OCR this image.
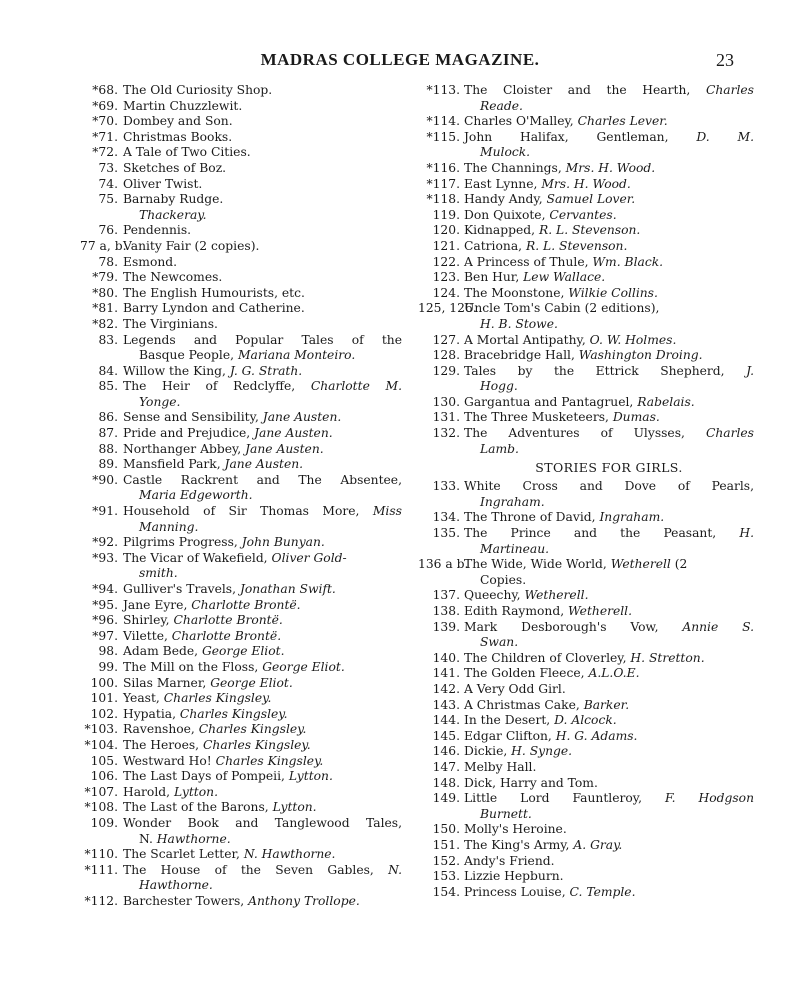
MADRAS COLLEGE MAGAZINE.	23
*68. The Old Curiosity Shop.
*69. Martin Chuzzlewit.
*70. Dombey and Son.
*71. Christmas Books.
*72. A Tale of Two Cities.
73. Sketches of Boz.
74. Oliver Twist.
75. Barnaby Rudge.
Thackeray.
76. Pendennis.
77 a, b.
Vanity Fair (2 copies).
78. Esmond.
*79. The Newcomes.
*80. The English Humourists, etc.
*81. Barry Lyndon and Catherine.
*82. The Virginians.
83. Legends and Popular Tales of the
Basque People, Mariana Monteiro.
84. Willow the King, J. G. Strath.
85. The Heir of Redclyffe, Charlotte M.
Yonge.
86. Sense and Sensibility, Jane Austen.
87. Pride and Prejudice, Jane Austen.
88. Northanger Abbey, Jane Austen.
89. Mansfield Park, Jane Austen.
*90. Castle Rackrent and The Absentee,
Maria Edgeworth.
*91. Household of Sir Thomas More, Miss
Manning.
*92. Pilgrims Progress, John Bunyan.
*93. The Vicar of Wakefield, Oliver Gold-
smith.
*94. Gulliver's Travels, Jonathan Swift.
*95. Jane Eyre, Charlotte Brontë.
*96. Shirley, Charlotte Brontë.
*97. Vilette, Charlotte Brontë.
98. Adam Bede, George Eliot.
99. The Mill on the Floss, George Eliot.
100. Silas Marner, George Eliot.
101. Yeast, Charles Kingsley.
102. Hypatia, Charles Kingsley.
*103. Ravenshoe, Charles Kingsley.
*104. The Heroes, Charles Kingsley.
105. Westward Ho! Charles Kingsley.
106. The Last Days of Pompeii, Lytton.
*107. Harold, Lytton.
*108. The Last of the Barons, Lytton.
109. Wonder Book and Tanglewood Tales,
N. Hawthorne.
*110. The Scarlet Letter, N. Hawthorne.
*111. The House of the Seven Gables, N.
Hawthorne.
*112. Barchester Towers, Anthony Trollope.
*113. The Cloister and the Hearth, Charles
Reade.
*114. Charles O'Malley, Charles Lever.
*115. John Halifax, Gentleman, D. M.
Mulock.
*116. The Channings, Mrs. H. Wood.
*117. East Lynne, Mrs. H. Wood.
*118. Handy Andy, Samuel Lover.
119. Don Quixote, Cervantes.
120. Kidnapped, R. L. Stevenson.
121. Catriona, R. L. Stevenson.
122. A Princess of Thule, Wm. Black.
123. Ben Hur, Lew Wallace.
124. The Moonstone, Wilkie Collins.
125, 126.
Uncle Tom's Cabin (2 editions),
H. B. Stowe.
127. A Mortal Antipathy, O. W. Holmes.
128. Bracebridge Hall, Washington Droing.
129. Tales by the Ettrick Shepherd, J.
Hogg.
130. Gargantua and Pantagruel, Rabelais.
131. The Three Musketeers, Dumas.
132. The Adventures of Ulysses, Charles
Lamb.
STORIES FOR GIRLS.
133. White Cross and Dove of Pearls,
Ingraham.
134. The Throne of David, Ingraham.
135. The Prince and the Peasant, H.
Martineau.
136 a b.
The Wide, Wide World, Wetherell (2
Copies.
137. Queechy, Wetherell.
138. Edith Raymond, Wetherell.
139. Mark Desborough's Vow, Annie S.
Swan.
140. The Children of Cloverley, H. Stretton.
141. The Golden Fleece, A.L.O.E.
142. A Very Odd Girl.
143. A Christmas Cake, Barker.
144. In the Desert, D. Alcock.
145. Edgar Clifton, H. G. Adams.
146. Dickie, H. Synge.
147. Melby Hall.
148. Dick, Harry and Tom.
149. Little Lord Fauntleroy, F. Hodgson
Burnett.
150. Molly's Heroine.
151. The King's Army, A. Gray.
152. Andy's Friend.
153. Lizzie Hepburn.
154. Princess Louise, C. Temple.
